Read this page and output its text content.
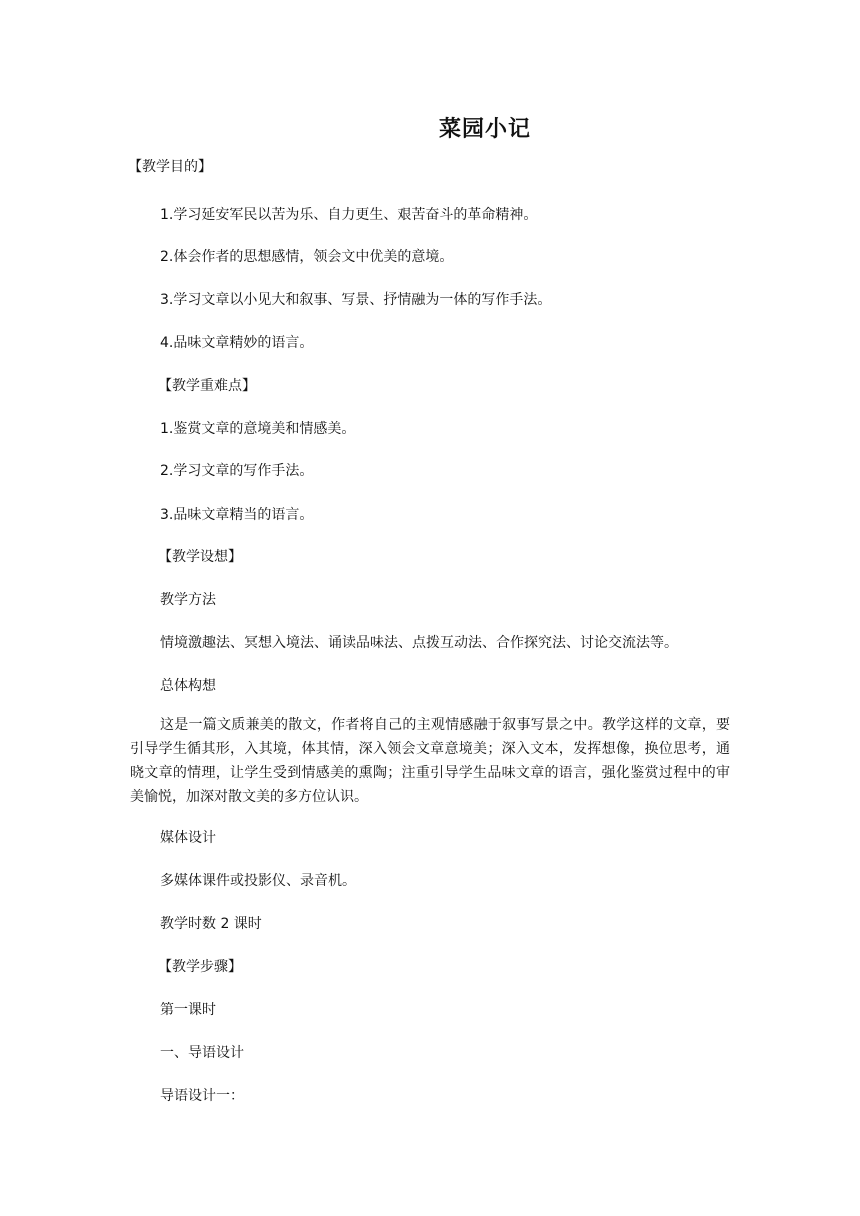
菜园小记

【教学目的】

1.学习延安军民以苦为乐、自力更生、艰苦奋斗的革命精神。

2.体会作者的思想感情，领会文中优美的意境。

3.学习文章以小见大和叙事、写景、抒情融为一体的写作手法。

4.品味文章精妙的语言。

【教学重难点】

1.鉴赏文章的意境美和情感美。

2.学习文章的写作手法。

3.品味文章精当的语言。

【教学设想】

教学方法

情境激趣法、冥想入境法、诵读品味法、点拨互动法、合作探究法、讨论交流法等。

总体构想

这是一篇文质兼美的散文，作者将自己的主观情感融于叙事写景之中。教学这样的文章，要引导学生循其形，入其境，体其情，深入领会文章意境美；深入文本，发挥想像，换位思考，通晓文章的情理，让学生受到情感美的熏陶；注重引导学生品味文章的语言，强化鉴赏过程中的审美愉悦，加深对散文美的多方位认识。

媒体设计

多媒体课件或投影仪、录音机。

教学时数 2 课时

【教学步骤】

第一课时

一、导语设计

导语设计一：
